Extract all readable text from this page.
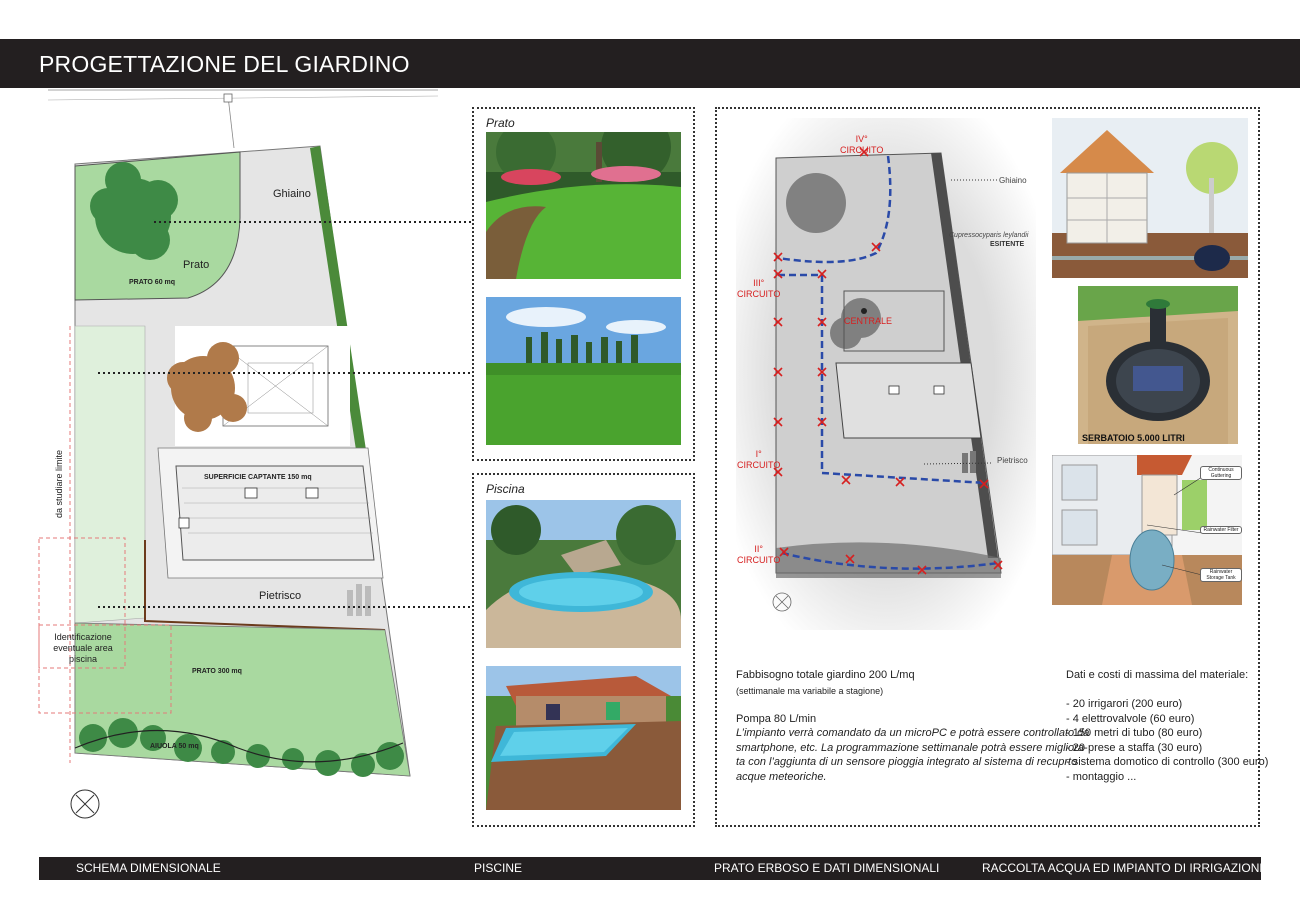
PROGETTAZIONE DEL GIARDINO
Ghiaino
Prato
PRATO 60 mq
SUPERFICIE CAPTANTE 150 mq
Pietrisco
PRATO 300 mq
AIUOLA 50 mq
da studiare limite
Identificazione eventuale area piscina
Prato
Piscina
IV°
CIRCUITO
III°
CIRCUITO
I°
CIRCUITO
II°
CIRCUITO
CENTRALE
Ghiaino
Cupressocyparis leylandii
ESITENTE
Pietrisco
SERBATOIO 5.000 LITRI
Continuous Guttering
Rainwater Filter
Rainwater Storage Tank
Fabbisogno totale giardino 200 L/mq
(settimanale ma variabile a stagione)
Pompa 80 L/min
L’impianto verrà comandato da un microPC e potrà essere controllato da
smartphone, etc. La programmazione settimanale potrà essere migliora-
ta con l’aggiunta di un sensore pioggia integrato al sistema di recuprto
acque meteoriche.
Dati e costi di massima del materiale:
- 20 irrigarori (200 euro)
- 4 elettrovalvole (60 euro)
- 150 metri di tubo (80 euro)
- 20 prese a staffa (30 euro)
- sistema domotico di controllo (300 euro)
- montaggio ...
SCHEMA DIMENSIONALE	PISCINE	PRATO ERBOSO E DATI DIMENSIONALI	RACCOLTA ACQUA ED IMPIANTO DI IRRIGAZIONE
